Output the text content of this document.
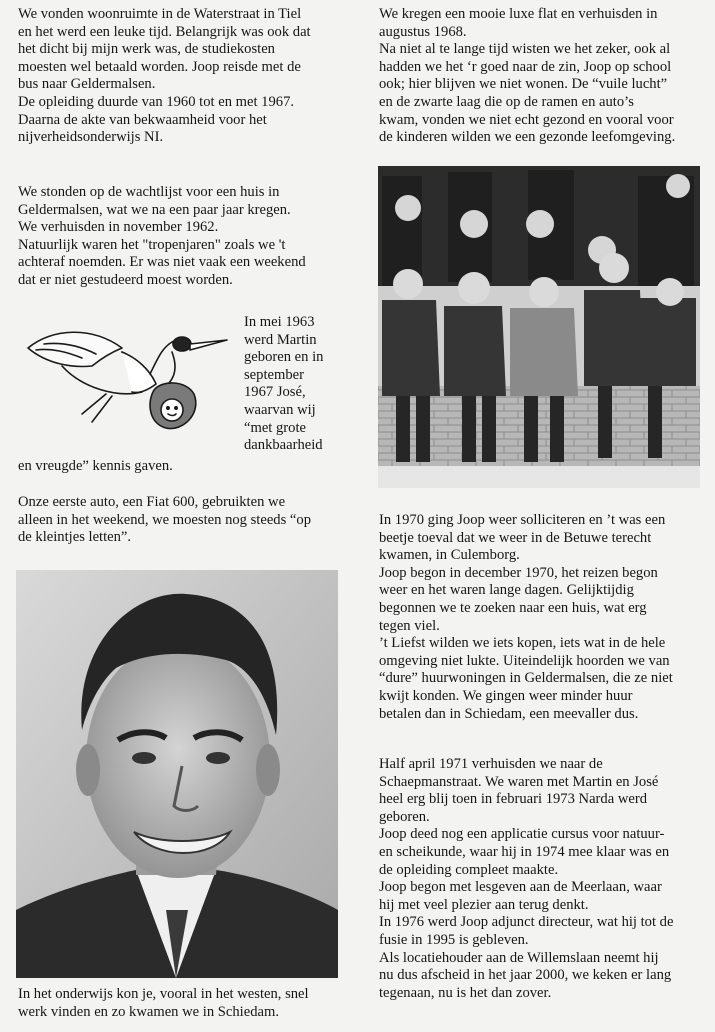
We vonden woonruimte in de Waterstraat in Tiel

en het werd een leuke tijd. Belangrijk was ook dat

het dicht bij mijn werk was, de studiekosten

moesten wel betaald worden. Joop reisde met de

bus naar Geldermalsen.

De opleiding duurde van 1960 tot en met 1967.

Daarna de akte van bekwaamheid voor het

nijverheidsonderwijs NI.

We stonden op de wachtlijst voor een huis in

Geldermalsen, wat we na een paar jaar kregen.

We verhuisden in november 1962.

Natuurlijk waren het "tropenjaren" zoals we 't

achteraf noemden. Er was niet vaak een weekend

dat er niet gestudeerd moest worden.

Onze eerste auto, een Fiat 600, gebruikten we

alleen in het weekend, we moesten nog steeds “op

de kleintjes letten”.

In het onderwijs kon je, vooral in het westen, snel

werk vinden en zo kwamen we in Schiedam.

en vreugde” kennis gaven.

In mei 1963

werd Martin

geboren en in

september

1967 José,

waarvan wij

“met grote

dankbaarheid

We kregen een mooie luxe flat en verhuisden in

augustus 1968.

Na niet al te lange tijd wisten we het zeker, ook al

hadden we het ‘r goed naar de zin, Joop op school

ook; hier blijven we niet wonen. De “vuile lucht”

en de zwarte laag die op de ramen en auto’s

kwam, vonden we niet echt gezond en vooral voor

de kinderen wilden we een gezonde leefomgeving.

In 1970 ging Joop weer solliciteren en ’t was een

beetje toeval dat we weer in de Betuwe terecht

kwamen, in Culemborg.

Joop begon in december 1970, het reizen begon

weer en het waren lange dagen. Gelijktijdig

begonnen we te zoeken naar een huis, wat erg

tegen viel.

’t Liefst wilden we iets kopen, iets wat in de hele

omgeving niet lukte. Uiteindelijk hoorden we van

“dure” huurwoningen in Geldermalsen, die ze niet

kwijt konden. We gingen weer minder huur

betalen dan in Schiedam, een meevaller dus.

Half april 1971 verhuisden we naar de

Schaepmanstraat. We waren met Martin en José

heel erg blij toen in februari 1973 Narda werd

geboren.

Joop deed nog een applicatie cursus voor natuur-

en scheikunde, waar hij in 1974 mee klaar was en

de opleiding compleet maakte.

Joop begon met lesgeven aan de Meerlaan, waar

hij met veel plezier aan terug denkt.

In 1976 werd Joop adjunct directeur, wat hij tot de

fusie in 1995 is gebleven.

Als locatiehouder aan de Willemslaan neemt hij

nu dus afscheid in het jaar 2000, we keken er lang

tegenaan, nu is het dan zover.
